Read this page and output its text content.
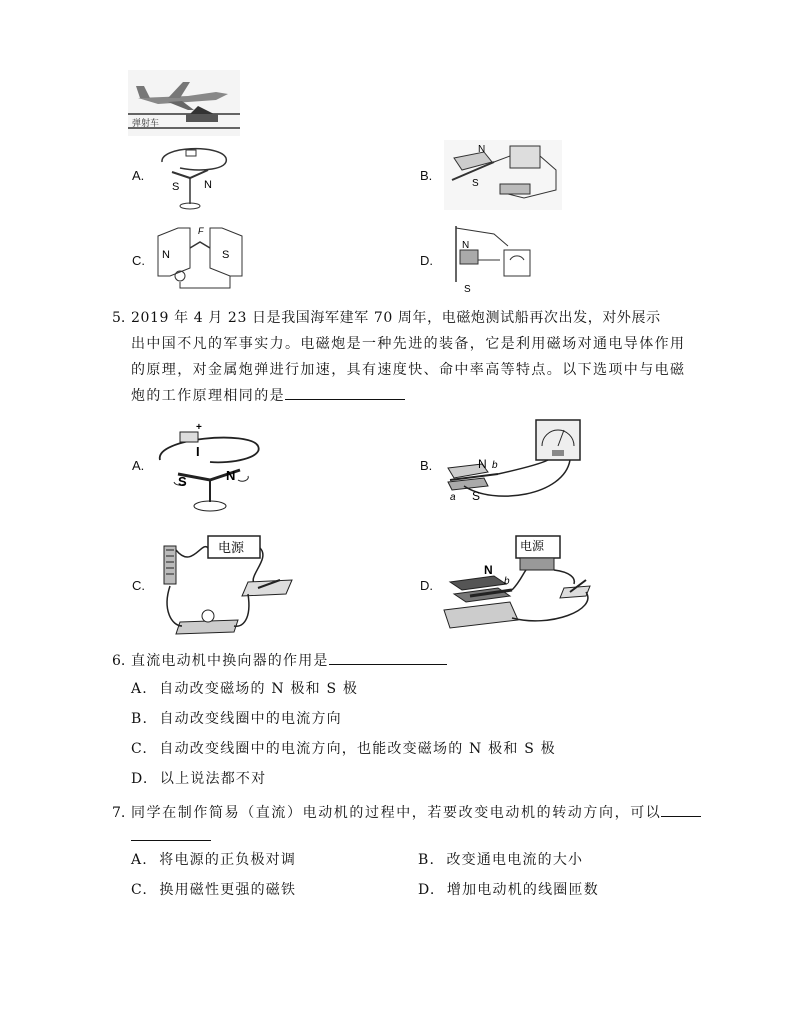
弹射车
A.
S N
B.
N
S
C. N	S
F
D.
N
S
5. 2019 年 4 月 23 日是我国海军建军 70 周年，电磁炮测试船再次出发，对外展示
出中国不凡的军事实力。电磁炮是一种先进的装备，它是利用磁场对通电导体作用
的原理，对金属炮弹进行加速，具有速度快、命中率高等特点。以下选项中与电磁
炮的工作原理相同的是
A.
+
I
S	N
B.	N b
a S
C.
电源
D.
电源
N
b
6. 直流电动机中换向器的作用是
A. 自动改变磁场的 N 极和 S 极
B. 自动改变线圈中的电流方向
C. 自动改变线圈中的电流方向，也能改变磁场的 N 极和 S 极
D. 以上说法都不对
7. 同学在制作简易（直流）电动机的过程中，若要改变电动机的转动方向，可以
A. 将电源的正负极对调	B. 改变通电电流的大小
C. 换用磁性更强的磁铁	D. 增加电动机的线圈匝数
